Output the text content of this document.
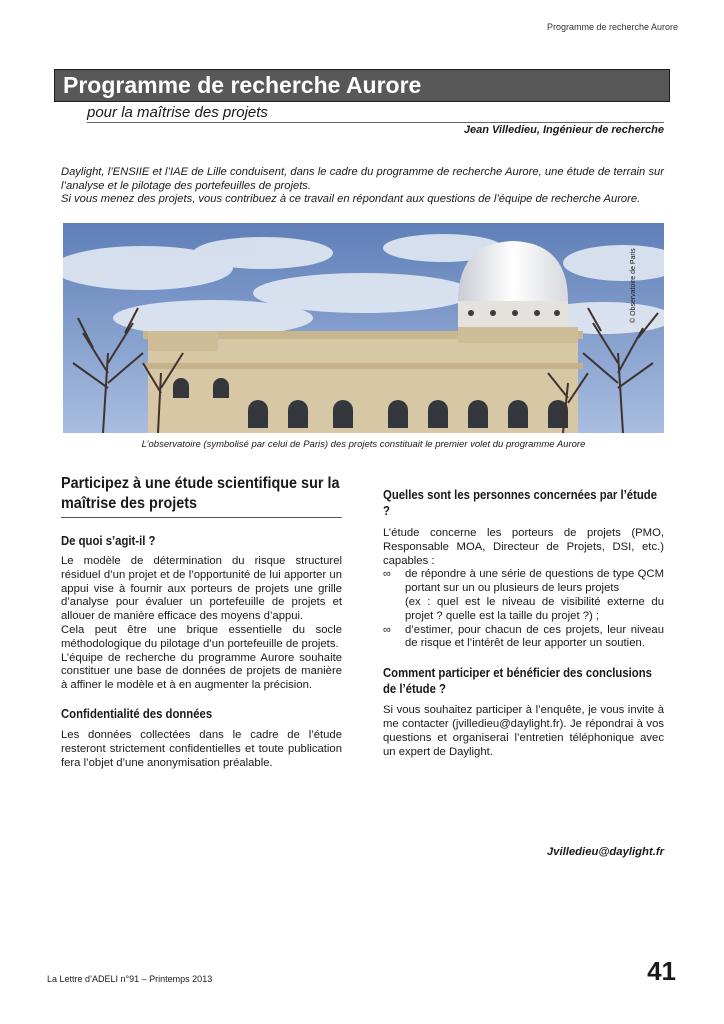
Programme de recherche Aurore
Programme de recherche Aurore
pour la maîtrise des projets
Jean Villedieu, Ingénieur de recherche

Daylight, l’ENSIIE et l’IAE de Lille conduisent, dans le cadre du programme de recherche Aurore, une étude de terrain sur l’analyse et le pilotage des portefeuilles de projets.

Si vous menez des projets, vous contribuez à ce travail en répondant aux questions de l’équipe de recherche Aurore.

© Observatoire de Paris
L’observatoire (symbolisé par celui de Paris) des projets constituait le premier volet du programme Aurore
Participez à une étude scientifique sur la maîtrise des projets
De quoi s’agit-il ?

Le modèle de détermination du risque structurel résiduel d’un projet et de l’opportunité de lui apporter un appui vise à fournir aux porteurs de projets une grille d’analyse pour évaluer un portefeuille de projets et allouer de manière efficace des moyens d’appui.

Cela peut être une brique essentielle du socle méthodologique du pilotage d’un portefeuille de projets.

L’équipe de recherche du programme Aurore souhaite constituer une base de données de projets de manière à affiner le modèle et à en augmenter la précision.

Confidentialité des données

Les données collectées dans le cadre de l’étude resteront strictement confidentielles et toute publication fera l’objet d’une anonymisation préalable.

Quelles sont les personnes concernées par l’étude ?

L’étude concerne les porteurs de projets (PMO, Responsable MOA, Directeur de Projets, DSI, etc.) capables :

∞ de répondre à une série de questions de type QCM portant sur un ou plusieurs de leurs projets
(ex : quel est le niveau de visibilité externe du projet ? quelle est la taille du projet ?) ;
∞ d’estimer, pour chacun de ces projets, leur niveau de risque et l’intérêt de leur apporter un soutien.
Comment participer et bénéficier des conclusions de l’étude ?

Si vous souhaitez participer à l’enquête, je vous invite à me contacter (jvilledieu@daylight.fr). Je répondrai à vos questions et organiserai l’entretien téléphonique avec un expert de Daylight.

Jvilledieu@daylight.fr
La Lettre d’ADELI n°91 – Printemps 2013	41
